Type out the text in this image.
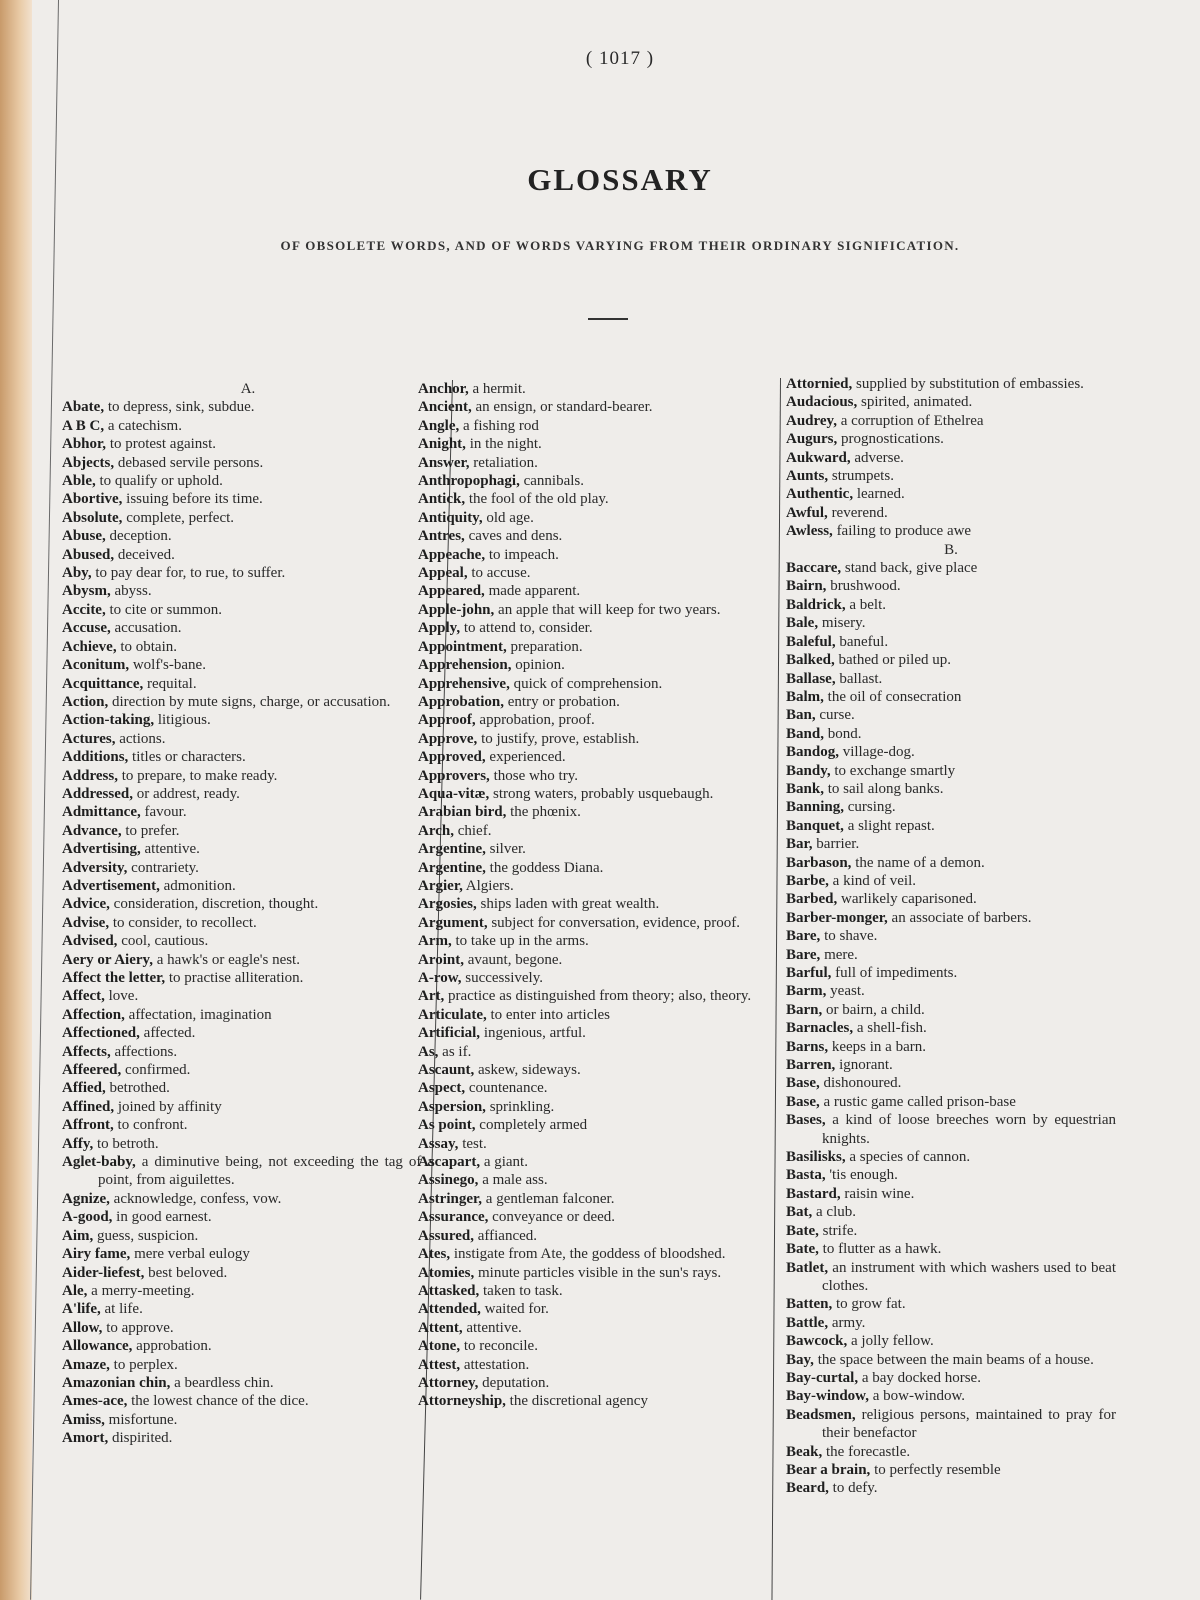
( 1017 )
GLOSSARY
OF OBSOLETE WORDS, AND OF WORDS VARYING FROM THEIR ORDINARY SIGNIFICATION.
A.
Abate, to depress, sink, subdue.
A B C, a catechism.
Abhor, to protest against.
Abjects, debased servile persons.
Able, to qualify or uphold.
Abortive, issuing before its time.
Absolute, complete, perfect.
Abuse, deception.
Abused, deceived.
Aby, to pay dear for, to rue, to suffer.
Abysm, abyss.
Accite, to cite or summon.
Accuse, accusation.
Achieve, to obtain.
Aconitum, wolf's-bane.
Acquittance, requital.
Action, direction by mute signs, charge, or accusation.
Action-taking, litigious.
Actures, actions.
Additions, titles or characters.
Address, to prepare, to make ready.
Addressed, or addrest, ready.
Admittance, favour.
Advance, to prefer.
Advertising, attentive.
Adversity, contrariety.
Advertisement, admonition.
Advice, consideration, discretion, thought.
Advise, to consider, to recollect.
Advised, cool, cautious.
Aery or Aiery, a hawk's or eagle's nest.
Affect the letter, to practise alliteration.
Affect, love.
Affection, affectation, imagination
Affectioned, affected.
Affects, affections.
Affeered, confirmed.
Affied, betrothed.
Affined, joined by affinity
Affront, to confront.
Affy, to betroth.
Aglet-baby, a diminutive being, not exceeding the tag of a point, from aiguilettes.
Agnize, acknowledge, confess, vow.
A-good, in good earnest.
Aim, guess, suspicion.
Airy fame, mere verbal eulogy
Aider-liefest, best beloved.
Ale, a merry-meeting.
A'life, at life.
Allow, to approve.
Allowance, approbation.
Amaze, to perplex.
Amazonian chin, a beardless chin.
Ames-ace, the lowest chance of the dice.
Amiss, misfortune.
Amort, dispirited.
Anchor, a hermit.
Ancient, an ensign, or standard-bearer.
Angle, a fishing rod
Anight, in the night.
Answer, retaliation.
Anthropophagi, cannibals.
Antick, the fool of the old play.
Antiquity, old age.
Antres, caves and dens.
Appeache, to impeach.
Appeal, to accuse.
Appeared, made apparent.
Apple-john, an apple that will keep for two years.
Apply, to attend to, consider.
Appointment, preparation.
Apprehension, opinion.
Apprehensive, quick of comprehension.
Approbation, entry or probation.
Approof, approbation, proof.
Approve, to justify, prove, establish.
Approved, experienced.
Approvers, those who try.
Aqua-vitæ, strong waters, probably usquebaugh.
Arabian bird, the phœnix.
Arch, chief.
Argentine, silver.
Argentine, the goddess Diana.
Argier, Algiers.
Argosies, ships laden with great wealth.
Argument, subject for conversation, evidence, proof.
Arm, to take up in the arms.
Aroint, avaunt, begone.
A-row, successively.
Art, practice as distinguished from theory; also, theory.
Articulate, to enter into articles
Artificial, ingenious, artful.
As, as if.
Ascaunt, askew, sideways.
Aspect, countenance.
Aspersion, sprinkling.
As point, completely armed
Assay, test.
Ascapart, a giant.
Assinego, a male ass.
Astringer, a gentleman falconer.
Assurance, conveyance or deed.
Assured, affianced.
Ates, instigate from Ate, the goddess of bloodshed.
Atomies, minute particles visible in the sun's rays.
Attasked, taken to task.
Attended, waited for.
Attent, attentive.
Atone, to reconcile.
Attest, attestation.
Attorney, deputation.
Attorneyship, the discretional agency
Attornied, supplied by substitution of embassies.
Audacious, spirited, animated.
Audrey, a corruption of Ethelrea
Augurs, prognostications.
Aukward, adverse.
Aunts, strumpets.
Authentic, learned.
Awful, reverend.
Awless, failing to produce awe
B.
Baccare, stand back, give place
Bairn, brushwood.
Baldrick, a belt.
Bale, misery.
Baleful, baneful.
Balked, bathed or piled up.
Ballase, ballast.
Balm, the oil of consecration
Ban, curse.
Band, bond.
Bandog, village-dog.
Bandy, to exchange smartly
Bank, to sail along banks.
Banning, cursing.
Banquet, a slight repast.
Bar, barrier.
Barbason, the name of a demon.
Barbe, a kind of veil.
Barbed, warlikely caparisoned.
Barber-monger, an associate of barbers.
Bare, to shave.
Bare, mere.
Barful, full of impediments.
Barm, yeast.
Barn, or bairn, a child.
Barnacles, a shell-fish.
Barns, keeps in a barn.
Barren, ignorant.
Base, dishonoured.
Base, a rustic game called prison-base
Bases, a kind of loose breeches worn by equestrian knights.
Basilisks, a species of cannon.
Basta, 'tis enough.
Bastard, raisin wine.
Bat, a club.
Bate, strife.
Bate, to flutter as a hawk.
Batlet, an instrument with which washers used to beat clothes.
Batten, to grow fat.
Battle, army.
Bawcock, a jolly fellow.
Bay, the space between the main beams of a house.
Bay-curtal, a bay docked horse.
Bay-window, a bow-window.
Beadsmen, religious persons, maintained to pray for their benefactor
Beak, the forecastle.
Bear a brain, to perfectly resemble
Beard, to defy.
